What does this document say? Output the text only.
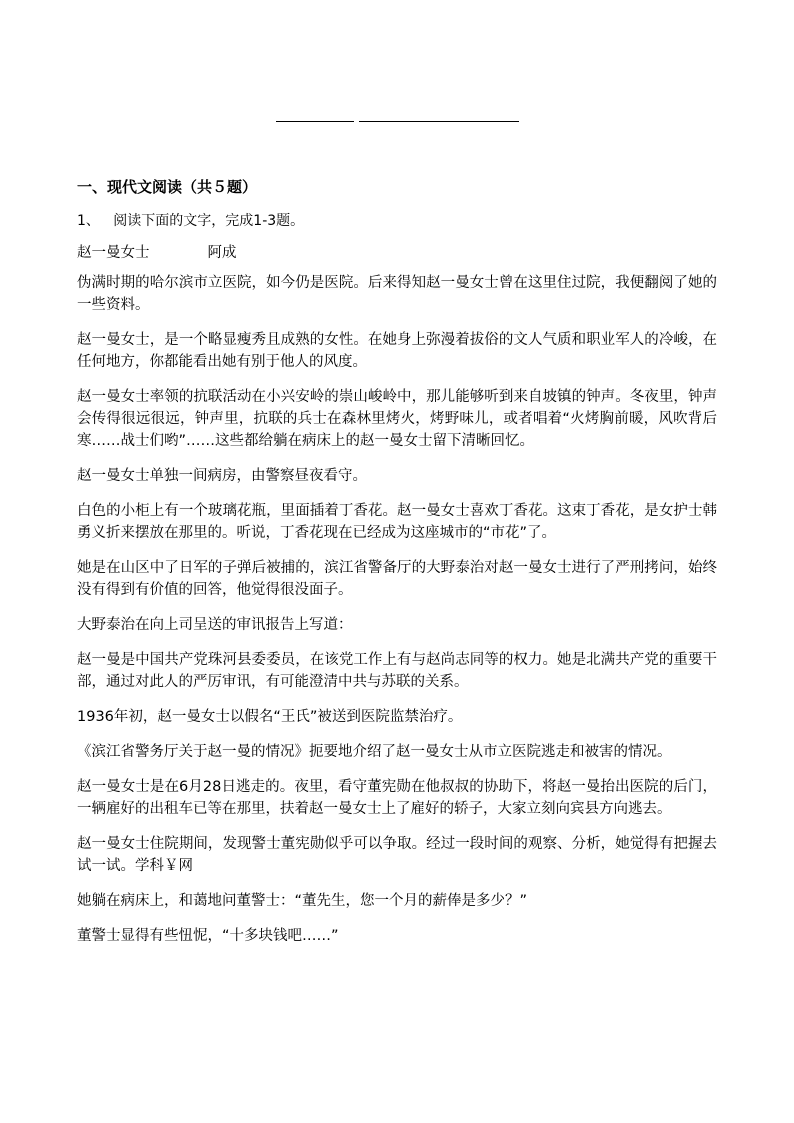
一、现代文阅读（共５题）
1、 阅读下面的文字，完成1-3题。
赵一曼女士	阿成

伪满时期的哈尔滨市立医院，如今仍是医院。后来得知赵一曼女士曾在这里住过院，我便翻阅了她的一些资料。

赵一曼女士，是一个略显瘦秀且成熟的女性。在她身上弥漫着拔俗的文人气质和职业军人的冷峻，在任何地方，你都能看出她有别于他人的风度。

赵一曼女士率领的抗联活动在小兴安岭的崇山峻岭中，那儿能够听到来自坡镇的钟声。冬夜里，钟声会传得很远很远，钟声里，抗联的兵士在森林里烤火，烤野味儿，或者唱着“火烤胸前暖，风吹背后寒……战士们哟”……这些都给躺在病床上的赵一曼女士留下清晰回忆。

赵一曼女士单独一间病房，由警察昼夜看守。

白色的小柜上有一个玻璃花瓶，里面插着丁香花。赵一曼女士喜欢丁香花。这束丁香花，是女护士韩勇义折来摆放在那里的。听说，丁香花现在已经成为这座城市的“市花”了。

她是在山区中了日军的子弹后被捕的，滨江省警备厅的大野泰治对赵一曼女士进行了严刑拷问，始终没有得到有价值的回答，他觉得很没面子。

大野泰治在向上司呈送的审讯报告上写道：

赵一曼是中国共产党珠河县委委员，在该党工作上有与赵尚志同等的权力。她是北满共产党的重要干部，通过对此人的严厉审讯，有可能澄清中共与苏联的关系。

1936年初，赵一曼女士以假名“王氏”被送到医院监禁治疗。

《滨江省警务厅关于赵一曼的情况》扼要地介绍了赵一曼女士从市立医院逃走和被害的情况。

赵一曼女士是在6月28日逃走的。夜里，看守董宪勋在他叔叔的协助下，将赵一曼抬出医院的后门，一辆雇好的出租车已等在那里，扶着赵一曼女士上了雇好的轿子，大家立刻向宾县方向逃去。

赵一曼女士住院期间，发现警士董宪勋似乎可以争取。经过一段时间的观察、分析，她觉得有把握去试一试。学科￥网

她躺在病床上，和蔼地问董警士：“董先生，您一个月的薪俸是多少？”

董警士显得有些忸怩，“十多块钱吧……”
